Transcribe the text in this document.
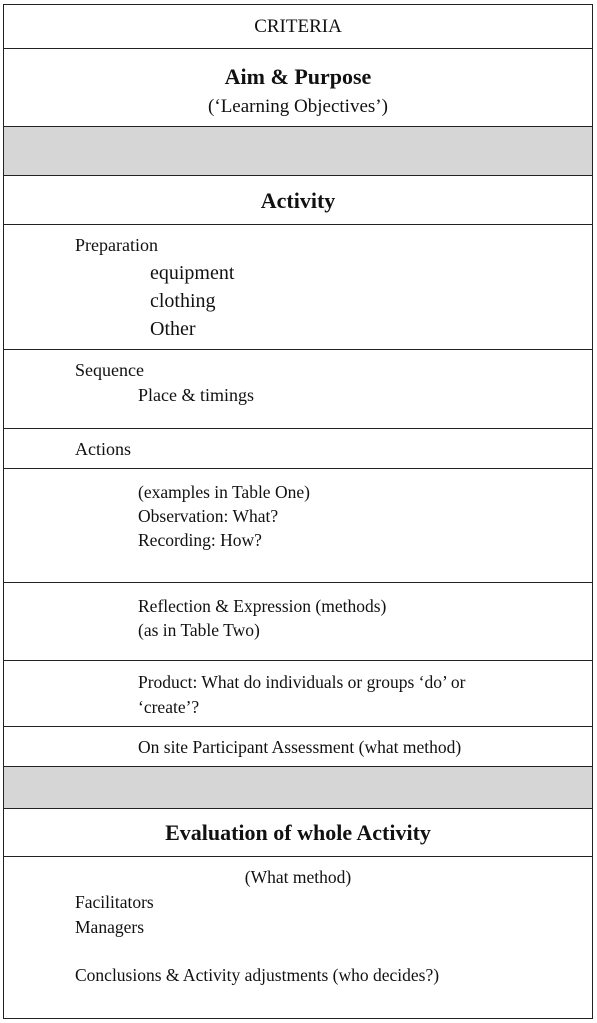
CRITERIA
Aim & Purpose
(‘Learning Objectives’)
Activity
Preparation
equipment
clothing
Other
Sequence
Place & timings
Actions
(examples in Table One)
Observation: What?
Recording: How?
Reflection & Expression (methods)
(as in Table Two)
Product: What do individuals or groups ‘do’ or
‘create’?
On site Participant Assessment (what method)
Evaluation of whole Activity
(What method)
Facilitators
Managers
Conclusions & Activity adjustments (who decides?)
